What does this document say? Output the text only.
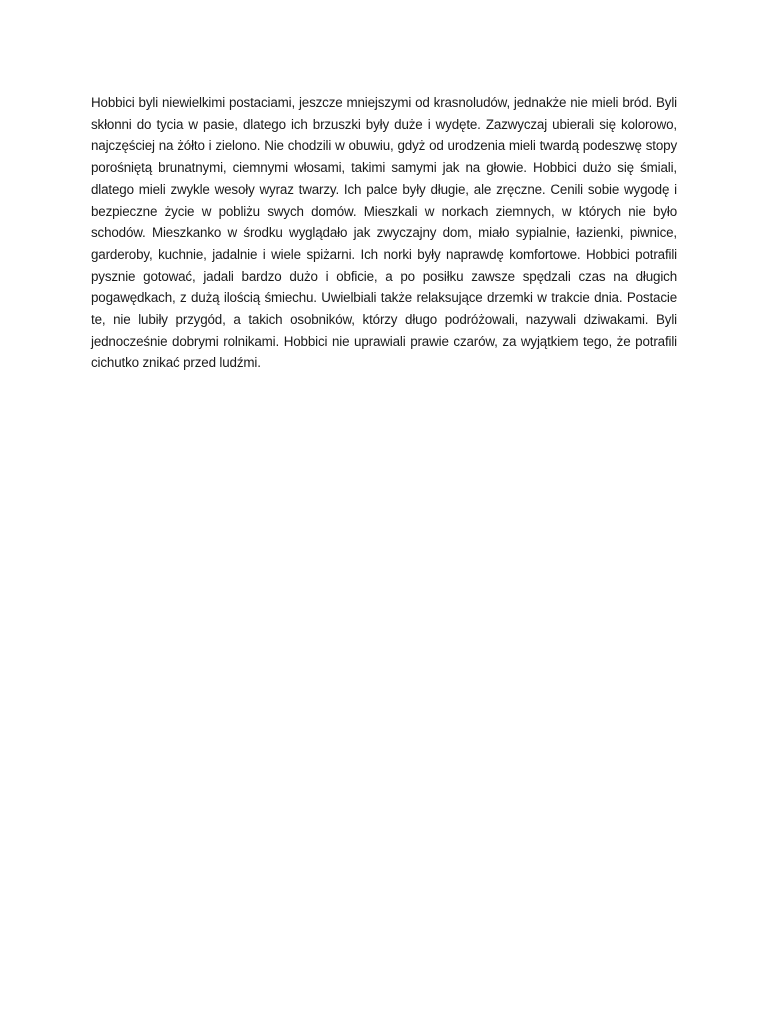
Hobbici byli niewielkimi postaciami, jeszcze mniejszymi od krasnoludów, jednakże nie mieli bród. Byli skłonni do tycia w pasie, dlatego ich brzuszki były duże i wydęte. Zazwyczaj ubierali się kolorowo, najczęściej na żółto i zielono. Nie chodzili w obuwiu, gdyż od urodzenia mieli twardą podeszwę stopy porośniętą brunatnymi, ciemnymi włosami, takimi samymi jak na głowie. Hobbici dużo się śmiali, dlatego mieli zwykle wesoły wyraz twarzy. Ich palce były długie, ale zręczne. Cenili sobie wygodę i bezpieczne życie w pobliżu swych domów. Mieszkali w norkach ziemnych, w których nie było schodów. Mieszkanko w środku wyglądało jak zwyczajny dom, miało sypialnie, łazienki, piwnice, garderoby, kuchnie, jadalnie i wiele spiżarni. Ich norki były naprawdę komfortowe. Hobbici potrafili pysznie gotować, jadali bardzo dużo i obficie, a po posiłku zawsze spędzali czas na długich pogawędkach, z dużą ilością śmiechu. Uwielbiali także relaksujące drzemki w trakcie dnia. Postacie te, nie lubiły przygód, a takich osobników, którzy długo podróżowali, nazywali dziwakami. Byli jednocześnie dobrymi rolnikami. Hobbici nie uprawiali prawie czarów, za wyjątkiem tego, że potrafili cichutko znikać przed ludźmi.
